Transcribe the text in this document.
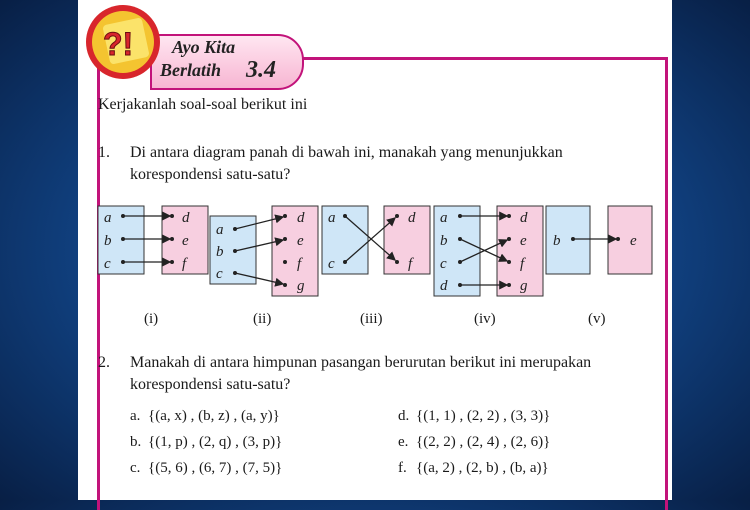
?! Ayo Kita
Berlatih 3.4
Kerjakanlah soal-soal berikut ini
1. Di antara diagram panah di bawah ini, manakah yang menunjukkan
korespondensi satu-satu?
a
b
c
d
e
f
a
b
c
d
e
f
g
a
c
d
f
a
b
c
d
d
e
f
g
b	e
(i)	(ii)	(iii)	(iv)	(v)
2. Manakah di antara himpunan pasangan berurutan berikut ini merupakan
korespondensi satu-satu?
a. {(a, x) , (b, z) , (a, y)}
b. {(1, p) , (2, q) , (3, p)}
c. {(5, 6) , (6, 7) , (7, 5)}
d. {(1, 1) , (2, 2) , (3, 3)}
e. {(2, 2) , (2, 4) , (2, 6)}
f. {(a, 2) , (2, b) , (b, a)}
